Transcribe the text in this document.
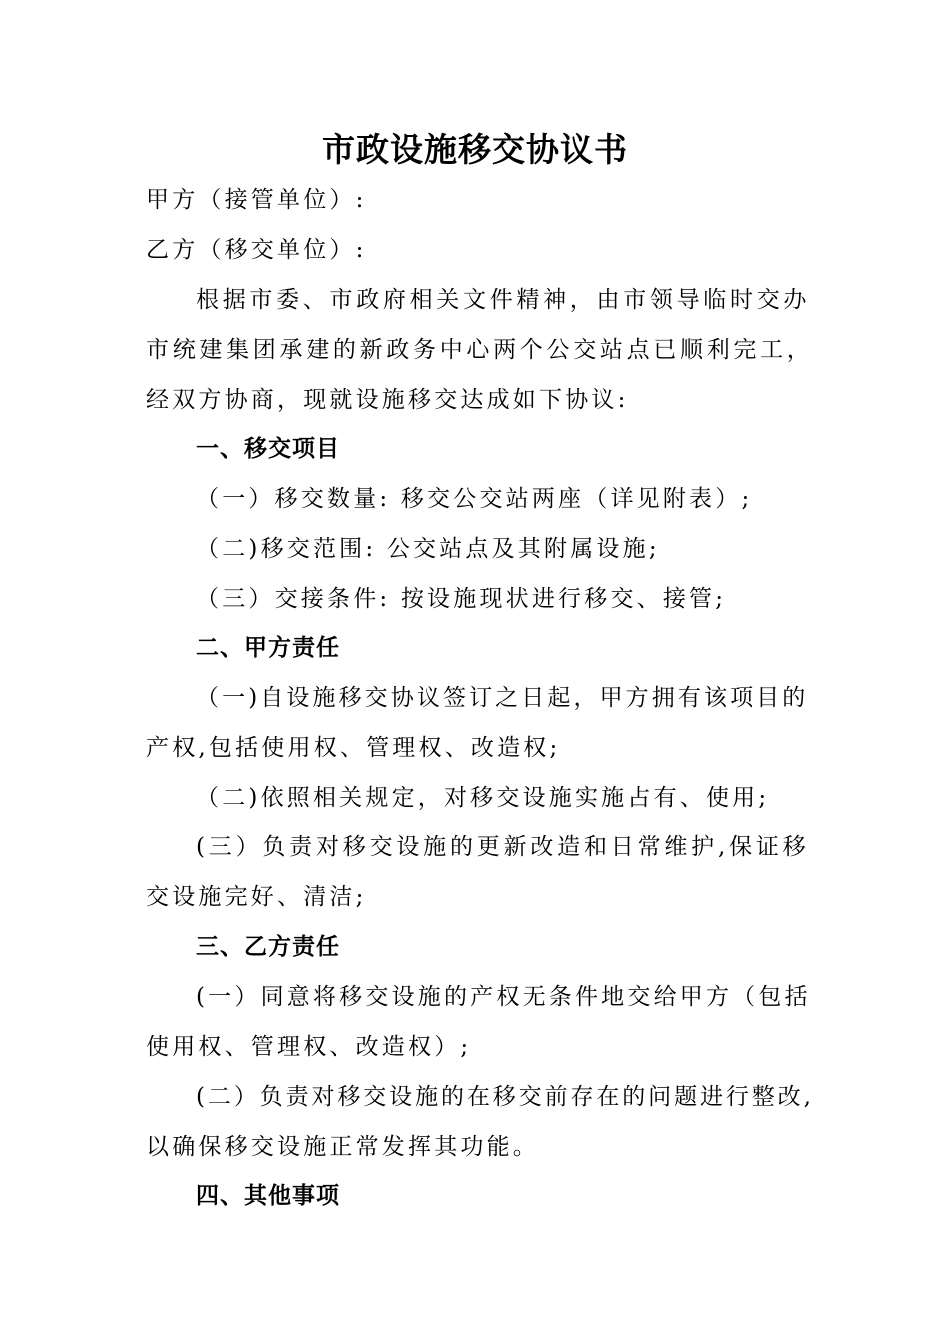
市政设施移交协议书
甲方（接管单位）:
乙方（移交单位）:
根据市委、市政府相关文件精神，由市领导临时交办
市统建集团承建的新政务中心两个公交站点已顺利完工，
经双方协商，现就设施移交达成如下协议:
一、移交项目
（一）移交数量: 移交公交站两座（详见附表）;
（二)移交范围: 公交站点及其附属设施;
（三）交接条件: 按设施现状进行移交、接管;
二、甲方责任
（一)自设施移交协议签订之日起，甲方拥有该项目的
产权,包括使用权、管理权、改造权;
（二)依照相关规定，对移交设施实施占有、使用;
(三）负责对移交设施的更新改造和日常维护,保证移
交设施完好、清洁;
三、乙方责任
(一）同意将移交设施的产权无条件地交给甲方（包括
使用权、管理权、改造权）;
(二）负责对移交设施的在移交前存在的问题进行整改,
以确保移交设施正常发挥其功能。
四、其他事项
